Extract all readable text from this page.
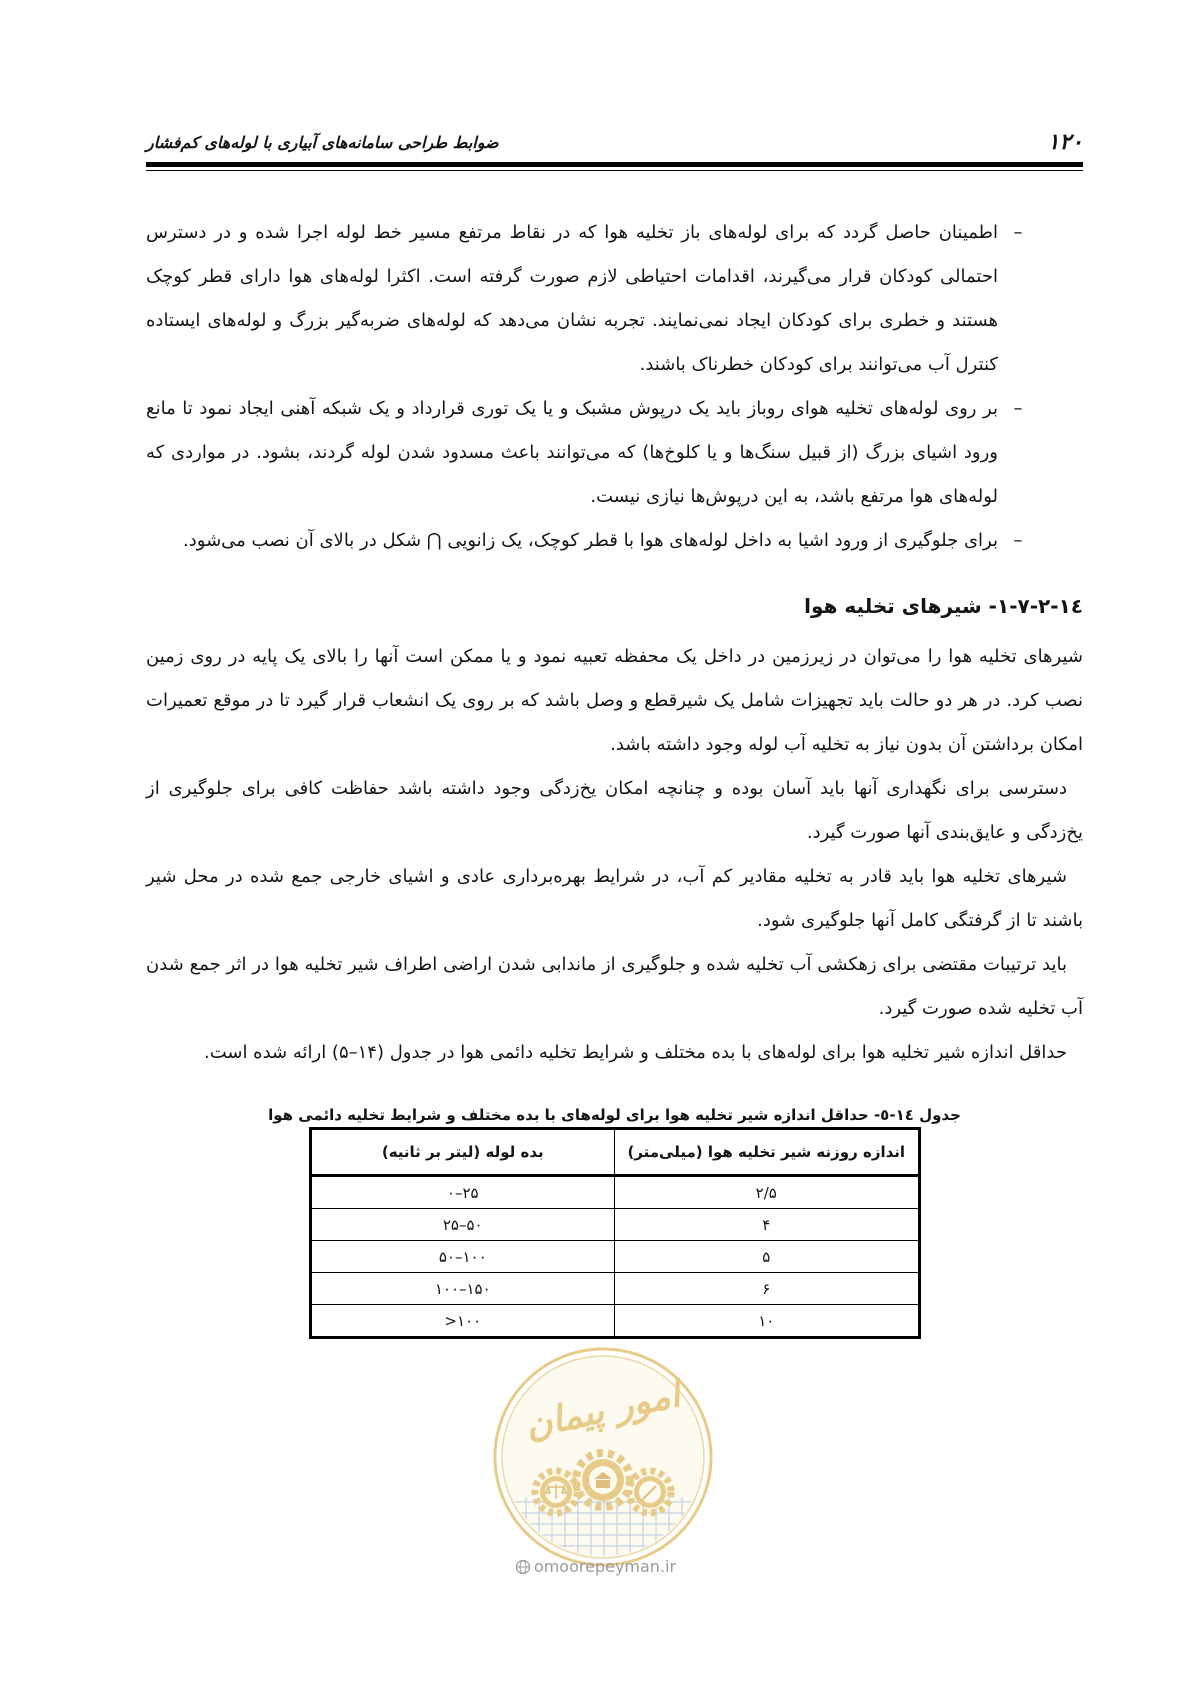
۱۲۰
ضوابط طراحی سامانه‌های آبیاری با لوله‌های کم‌فشار
–
اطمینان حاصل گردد که برای لوله‌های باز تخلیه هوا که در نقاط مرتفع مسیر خط لوله اجرا شده و در دسترس احتمالی کودکان قرار می‌گیرند، اقدامات احتیاطی لازم صورت گرفته است. اکثرا لوله‌های هوا دارای قطر کوچک هستند و خطری برای کودکان ایجاد نمی‌نمایند. تجربه نشان می‌دهد که لوله‌های ضربه‌گیر بزرگ و لوله‌های ایستاده کنترل آب می‌توانند برای کودکان خطرناک باشند.
–
بر روی لوله‌های تخلیه هوای روباز باید یک درپوش مشبک و یا یک توری قرارداد و یک شبکه آهنی ایجاد نمود تا مانع ورود اشیای بزرگ (از قبیل سنگ‌ها و یا کلوخ‌ها) که می‌توانند باعث مسدود شدن لوله گردند، بشود. در مواردی که لوله‌های هوا مرتفع باشد، به این درپوش‌ها نیازی نیست.
–
برای جلوگیری از ورود اشیا به داخل لوله‌های هوا با قطر کوچک، یک زانویی ⋂ شکل در بالای آن نصب می‌شود.
١٤-٢-٧-١- شیرهای تخلیه هوا

شیرهای تخلیه هوا را می‌توان در زیرزمین در داخل یک محفظه تعبیه نمود و یا ممکن است آنها را بالای یک پایه در روی زمین نصب کرد. در هر دو حالت باید تجهیزات شامل یک شیرقطع و وصل باشد که بر روی یک انشعاب قرار گیرد تا در موقع تعمیرات امکان برداشتن آن بدون نیاز به تخلیه آب لوله وجود داشته باشد.

دسترسی برای نگهداری آنها باید آسان بوده و چنانچه امکان یخ‌زدگی وجود داشته باشد حفاظت کافی برای جلوگیری از یخ‌زدگی و عایق‌بندی آنها صورت گیرد.

شیرهای تخلیه هوا باید قادر به تخلیه مقادیر کم آب، در شرایط بهره‌برداری عادی و اشیای خارجی جمع شده در محل شیر باشند تا از گرفتگی کامل آنها جلوگیری شود.

باید ترتیبات مقتضی برای زهکشی آب تخلیه شده و جلوگیری از ماندابی شدن اراضی اطراف شیر تخلیه هوا در اثر جمع شدن آب تخلیه شده صورت گیرد.

حداقل اندازه شیر تخلیه هوا برای لوله‌های با بده مختلف و شرایط تخلیه دائمی هوا در جدول (۱۴–۵) ارائه شده است.

جدول ١٤-٥- حداقل اندازه شیر تخلیه هوا برای لوله‌های با بده مختلف و شرایط تخلیه دائمی هوا
اندازه روزنه شیر تخلیه هوا (میلی‌متر)	بده لوله (لیتر بر ثانیه)
۲/۵	۰–۲۵
۴	۲۵–۵۰
۵	۵۰–۱۰۰
۶	۱۰۰–۱۵۰
۱۰	>۱۰۰
امور پیمان
omoorepeyman.ir
